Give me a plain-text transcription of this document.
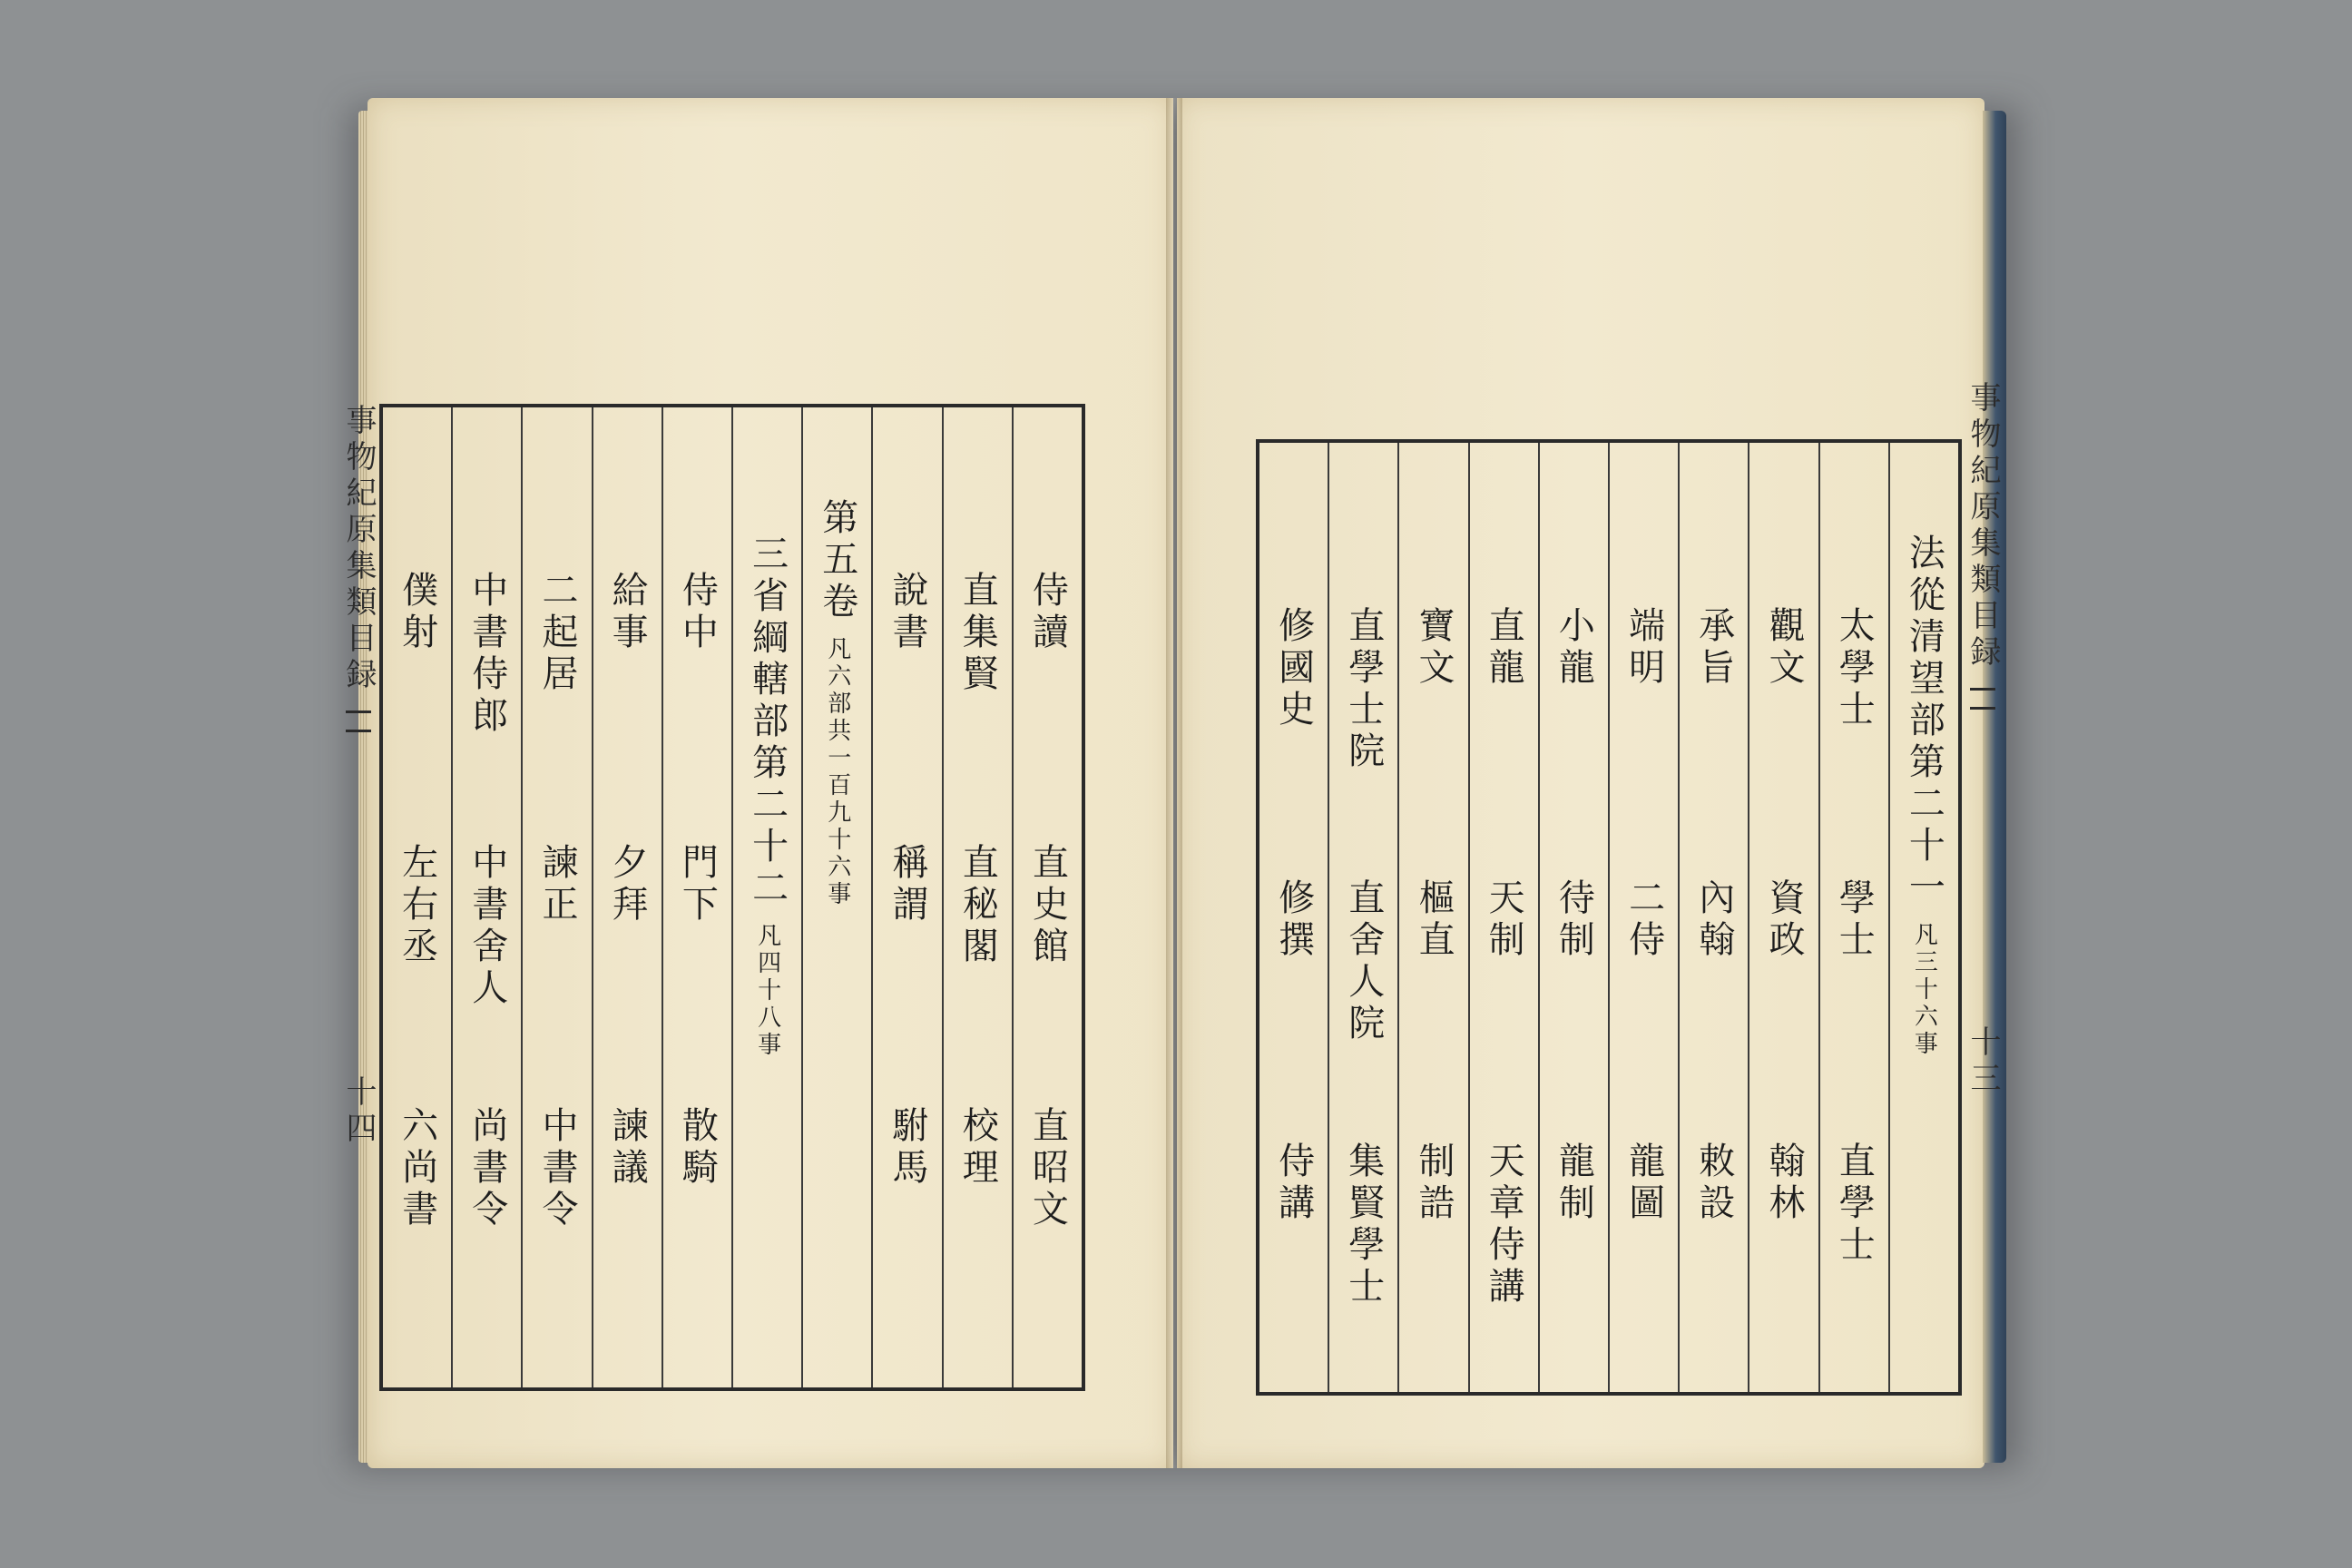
事物紀原集類目録
十四
侍讀
直史館
直昭文
直集賢
直秘閣
校理
說書
稱謂
駙馬
第五卷
凡六部共一百九十六事
三省綱轄部第二十二
凡四十八事
侍中
門下
散騎
給事
夕拜
諫議
二起居
諫正
中書令
中書侍郎
中書舍人
尚書令
僕射
左右丞
六尚書
法從清望部第二十一
凡三十六事
太學士
學士
直學士
觀文
資政
翰林
承旨
內翰
敕設
端明
二侍
龍圖
小龍
待制
龍制
直龍
天制
天章侍講
寶文
樞直
制誥
直學士院
直舍人院
集賢學士
修國史
修撰
侍講
事物紀原集類目録
十三
